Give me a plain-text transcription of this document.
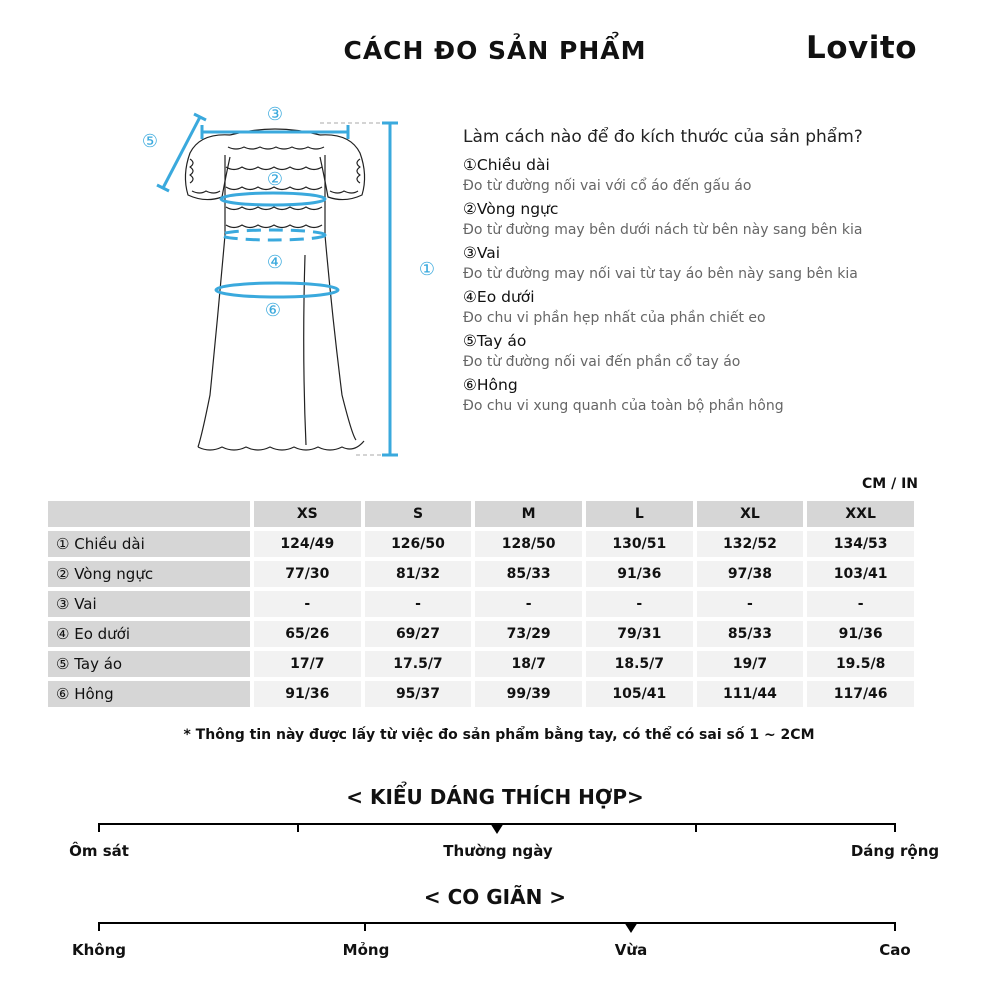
CÁCH ĐO SẢN PHẨM	Lovito
①
②
③
④
⑤
⑥
Làm cách nào để đo kích thước của sản phẩm?
①Chiều dài
Đo từ đường nối vai với cổ áo đến gấu áo
②Vòng ngực
Đo từ đường may bên dưới nách từ bên này sang bên kia
③Vai
Đo từ đường may nối vai từ tay áo bên này sang bên kia
④Eo dưới
Đo chu vi phần hẹp nhất của phần chiết eo
⑤Tay áo
Đo từ đường nối vai đến phần cổ tay áo
⑥Hông
Đo chu vi xung quanh của toàn bộ phần hông
CM / IN
	XS	S	M	L	XL	XXL
① Chiều dài	124/49	126/50	128/50	130/51	132/52	134/53
② Vòng ngực	77/30	81/32	85/33	91/36	97/38	103/41
③ Vai	-	-	-	-	-	-
④ Eo dưới	65/26	69/27	73/29	79/31	85/33	91/36
⑤ Tay áo	17/7	17.5/7	18/7	18.5/7	19/7	19.5/8
⑥ Hông	91/36	95/37	99/39	105/41	111/44	117/46
* Thông tin này được lấy từ việc đo sản phẩm bằng tay, có thể có sai số 1 ~ 2CM
< KIỂU DÁNG THÍCH HỢP>
Ôm sát	Thường ngày	Dáng rộng
< CO GIÃN >
Không	Mỏng	Vừa	Cao
